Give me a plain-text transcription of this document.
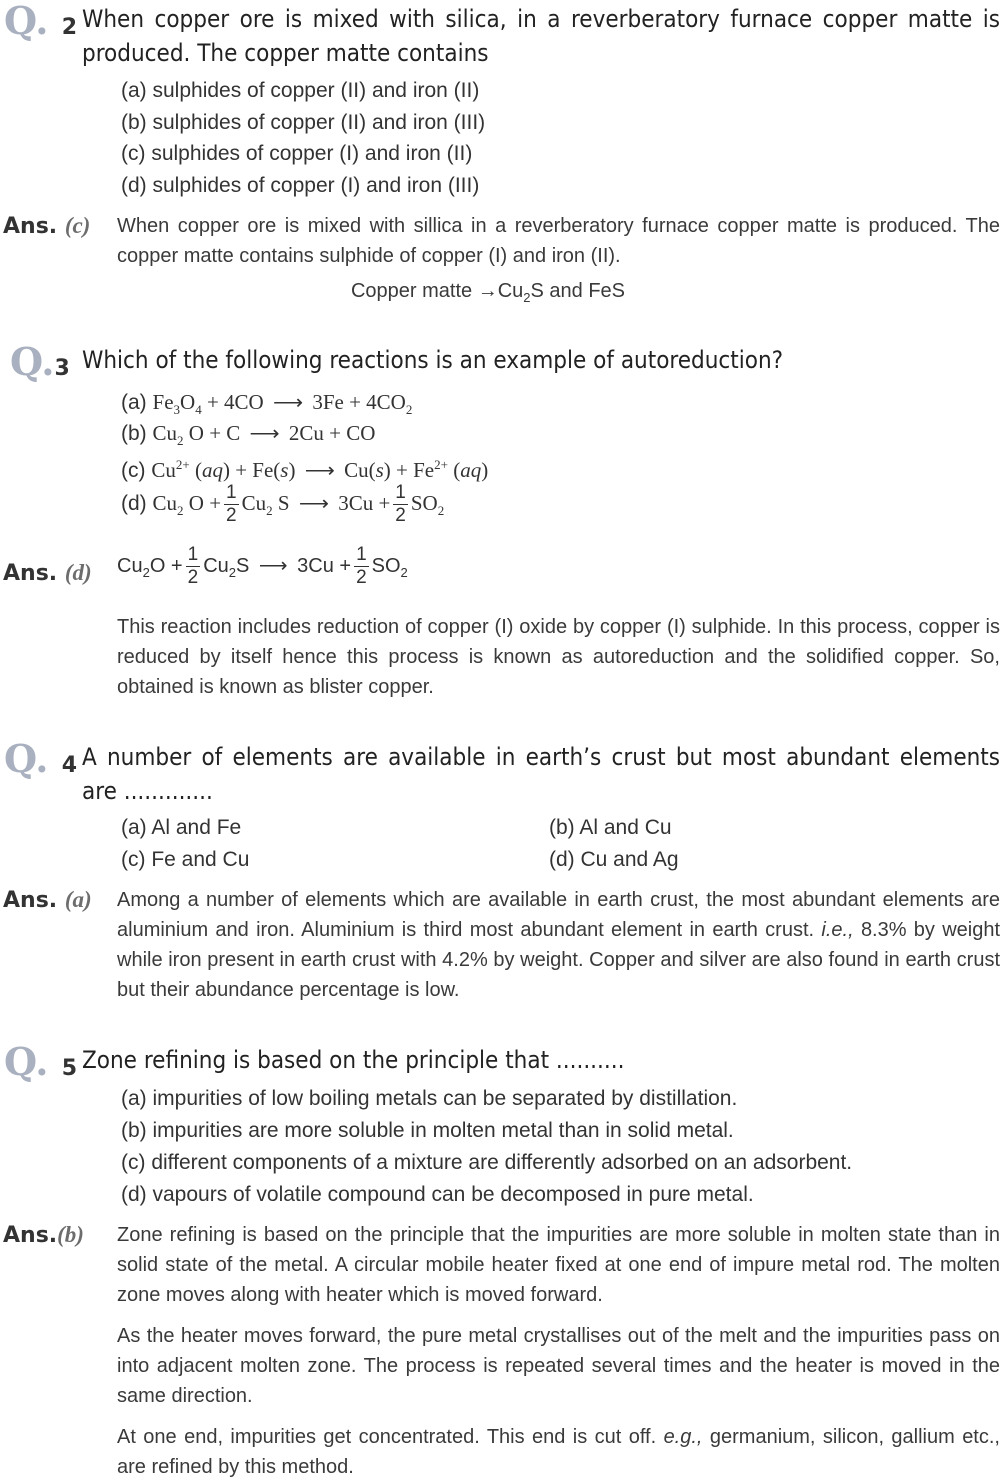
Q. 2 When copper ore is mixed with silica, in a reverberatory furnace copper matte is produced. The copper matte contains
(a) sulphides of copper (II) and iron (II)
(b) sulphides of copper (II) and iron (III)
(c) sulphides of copper (I) and iron (II)
(d) sulphides of copper (I) and iron (III)
Ans. (c) When copper ore is mixed with sillica in a reverberatory furnace copper matte is produced. The copper matte contains sulphide of copper (I) and iron (II).
Copper matte $\to Cu_2S$ and FeS
Q.3 Which of the following reactions is an example of autoreduction?
(a) $Fe_3O_4 + 4CO$ ⟶ $3Fe + 4CO_2$
(b) $Cu_2$ O + C ⟶ 2Cu + CO
(c) $Cu^{2+}$ (aq) + Fe(s) ⟶ $Cu(s) + Fe^{2+}$ (aq)
(d) $Cu_2$ $O + \frac{1}{2} Cu_2$ S ⟶ $3Cu + \frac{1}{2} SO_2$
Ans. (d) $Cu_2O + \frac{1}{2} Cu_2S$ ⟶ $3Cu + \frac{1}{2} SO_2$
This reaction includes reduction of copper (I) oxide by copper (I) sulphide. In this process, copper is reduced by itself hence this process is known as autoreduction and the solidified copper. So, obtained is known as blister copper.
Q. 4 A number of elements are available in earth’s crust but most abundant elements are .............
(a) Al and Fe	(b) Al and Cu
(c) Fe and Cu	(d) Cu and Ag
Ans. (a) Among a number of elements which are available in earth crust, the most abundant elements are aluminium and iron. Aluminium is third most abundant element in earth crust. i.e., 8.3% by weight while iron present in earth crust with 4.2% by weight. Copper and silver are also found in earth crust but their abundance percentage is low.
Q. 5 Zone refining is based on the principle that ..........
(a) impurities of low boiling metals can be separated by distillation.
(b) impurities are more soluble in molten metal than in solid metal.
(c) different components of a mixture are differently adsorbed on an adsorbent.
(d) vapours of volatile compound can be decomposed in pure metal.
Ans.(b) Zone refining is based on the principle that the impurities are more soluble in molten state than in solid state of the metal. A circular mobile heater fixed at one end of impure metal rod. The molten zone moves along with heater which is moved forward.
As the heater moves forward, the pure metal crystallises out of the melt and the impurities pass on into adjacent molten zone. The process is repeated several times and the heater is moved in the same direction.
At one end, impurities get concentrated. This end is cut off. e.g., germanium, silicon, gallium etc., are refined by this method.
